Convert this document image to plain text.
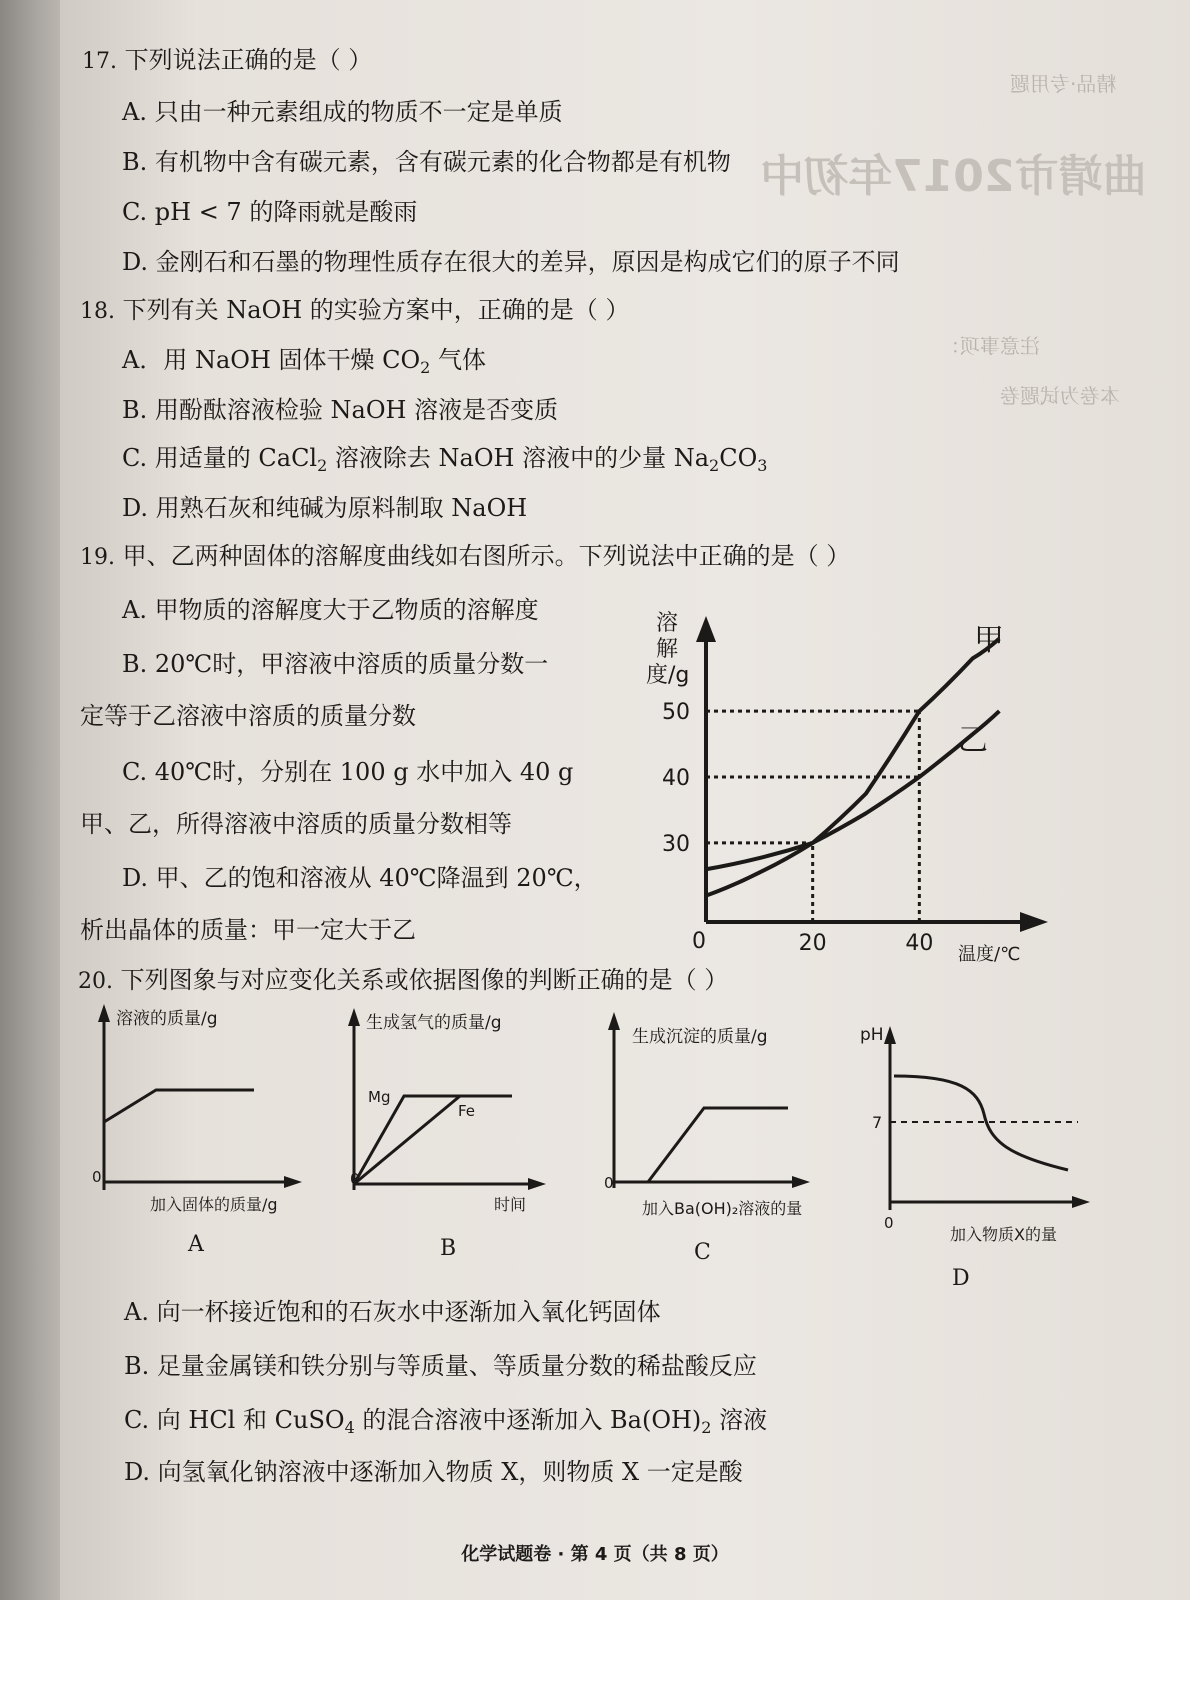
精品·专用题
曲靖市2017年初中
注意事项：
本卷为试题卷
17. 下列说法正确的是（ ）
A. 只由一种元素组成的物质不一定是单质
B. 有机物中含有碳元素，含有碳元素的化合物都是有机物
C. pH < 7 的降雨就是酸雨
D. 金刚石和石墨的物理性质存在很大的差异，原因是构成它们的原子不同
18. 下列有关 NaOH 的实验方案中，正确的是（ ）
A．用 NaOH 固体干燥 $CO_2$ 气体
B. 用酚酞溶液检验 NaOH 溶液是否变质
C. 用适量的 CaCl$_2$ 溶液除去 NaOH 溶液中的少量 $Na_2CO_3$
D. 用熟石灰和纯碱为原料制取 NaOH
19. 甲、乙两种固体的溶解度曲线如右图所示。下列说法中正确的是（ ）
A. 甲物质的溶解度大于乙物质的溶解度
B. 20℃时，甲溶液中溶质的质量分数一
定等于乙溶液中溶质的质量分数
C. 40℃时，分别在 100 g 水中加入 40 g
甲、乙，所得溶液中溶质的质量分数相等
D. 甲、乙的饱和溶液从 40℃降温到 20℃，
析出晶体的质量：甲一定大于乙
溶
解
度/g
0
温度/℃
30
40
50
20	40
甲
乙
20. 下列图象与对应变化关系或依据图像的判断正确的是（ ）
溶液的质量/g
0
加入固体的质量/g
A
生成氢气的质量/g
Mg
Fe
0
时间
B
生成沉淀的质量/g
0
加入Ba(OH)₂溶液的量
C
pH
7
0
加入物质X的量
D
A. 向一杯接近饱和的石灰水中逐渐加入氧化钙固体
B. 足量金属镁和铁分别与等质量、等质量分数的稀盐酸反应
C. 向 HCl 和 CuSO$_4$ 的混合溶液中逐渐加入 $Ba(OH)_2$ 溶液
D. 向氢氧化钠溶液中逐渐加入物质 X，则物质 X 一定是酸
化学试题卷 · 第 4 页（共 8 页）
